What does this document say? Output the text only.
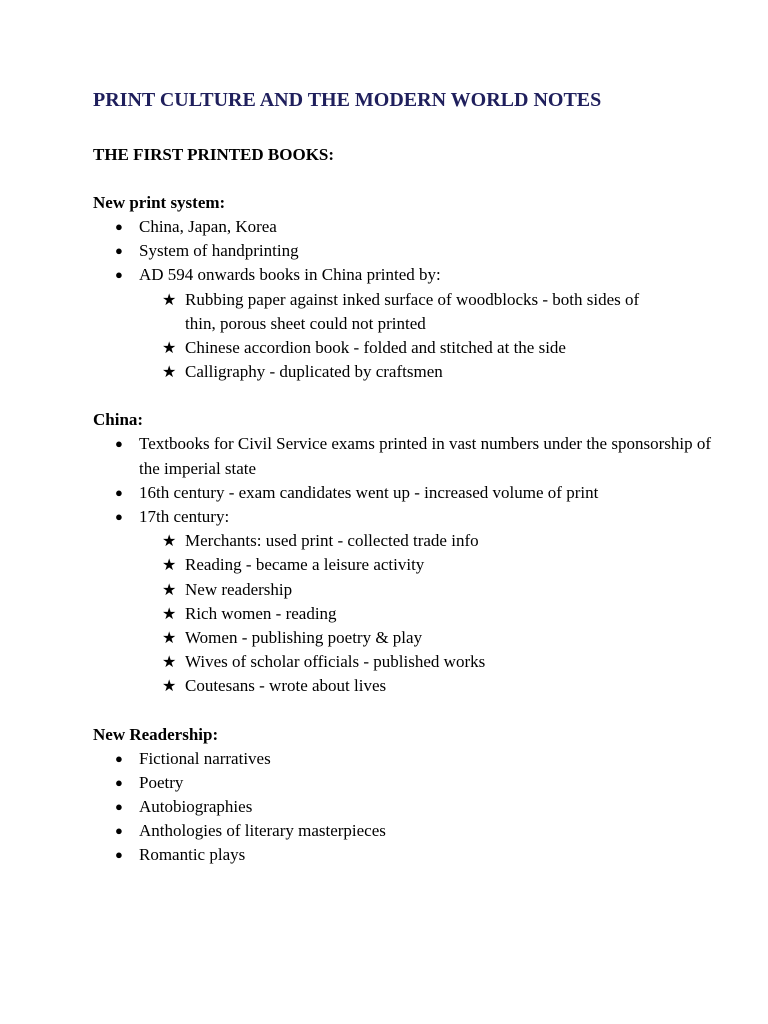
PRINT CULTURE AND THE MODERN WORLD NOTES
THE FIRST PRINTED BOOKS:
New print system:
● China, Japan, Korea
● System of handprinting
● AD 594 onwards books in China printed by:
★ Rubbing paper against inked surface of woodblocks - both sides of thin, porous sheet could not printed
★ Chinese accordion book - folded and stitched at the side
★ Calligraphy - duplicated by craftsmen
China:
● Textbooks for Civil Service exams printed in vast numbers under the sponsorship of the imperial state
● 16th century - exam candidates went up - increased volume of print
● 17th century:
★ Merchants: used print - collected trade info
★ Reading - became a leisure activity
★ New readership
★ Rich women - reading
★ Women - publishing poetry & play
★ Wives of scholar officials - published works
★ Coutesans - wrote about lives
New Readership:
● Fictional narratives
● Poetry
● Autobiographies
● Anthologies of literary masterpieces
● Romantic plays
